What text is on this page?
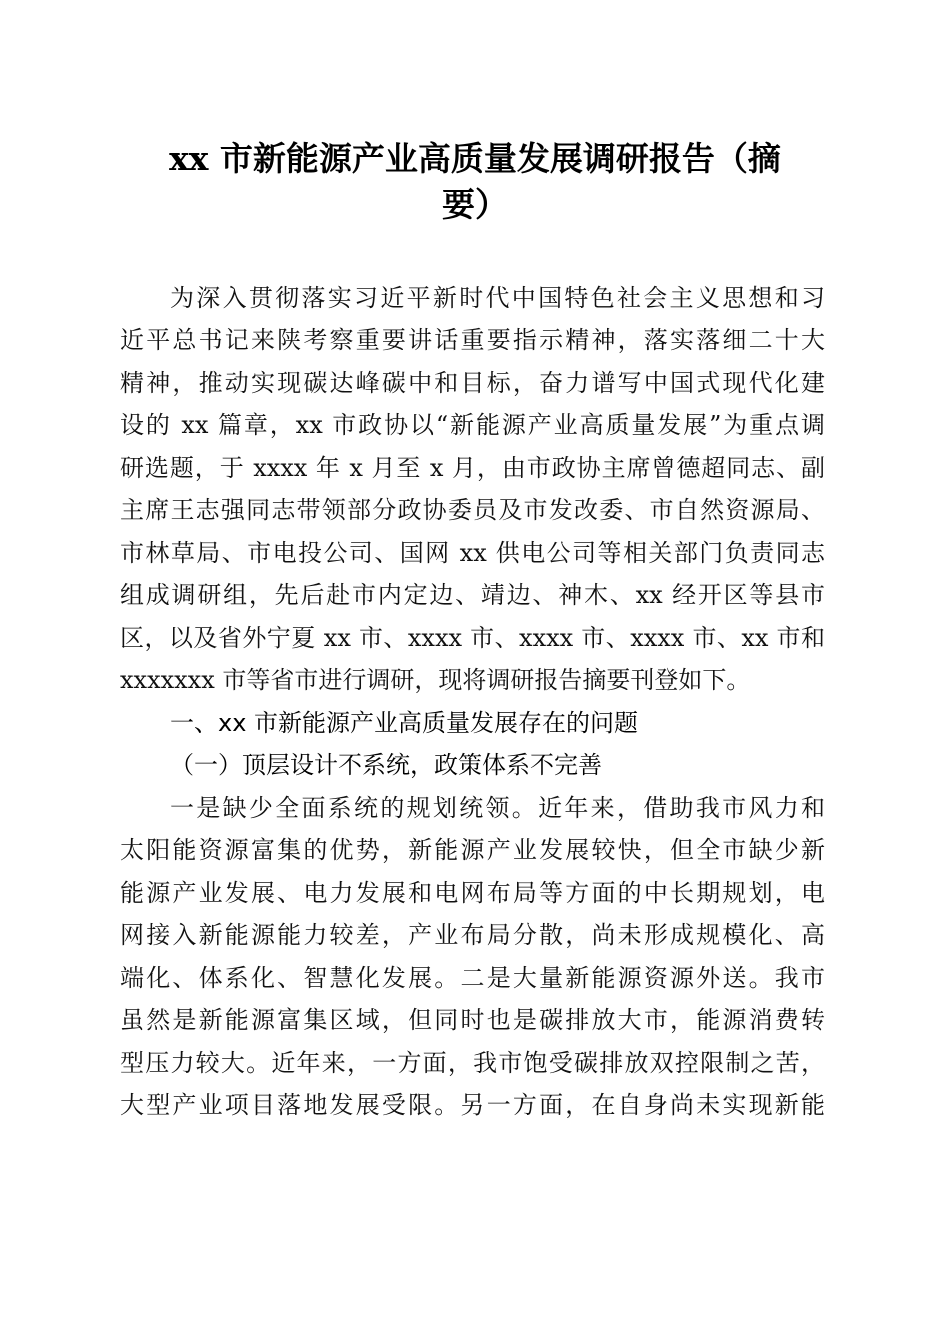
xx 市新能源产业高质量发展调研报告（摘
要）

为深入贯彻落实习近平新时代中国特色社会主义思想和习

近平总书记来陕考察重要讲话重要指示精神，落实落细二十大

精神，推动实现碳达峰碳中和目标，奋力谱写中国式现代化建

设的 xx 篇章，xx 市政协以“新能源产业高质量发展”为重点调

研选题，于 xxxx 年 x 月至 x 月，由市政协主席曾德超同志、副

主席王志强同志带领部分政协委员及市发改委、市自然资源局、

市林草局、市电投公司、国网 xx 供电公司等相关部门负责同志

组成调研组，先后赴市内定边、靖边、神木、xx 经开区等县市

区，以及省外宁夏 xx 市、xxxx 市、xxxx 市、xxxx 市、xx 市和

xxxxxxx 市等省市进行调研，现将调研报告摘要刊登如下。

一、xx 市新能源产业高质量发展存在的问题
（一）顶层设计不系统，政策体系不完善

一是缺少全面系统的规划统领。近年来，借助我市风力和

太阳能资源富集的优势，新能源产业发展较快，但全市缺少新

能源产业发展、电力发展和电网布局等方面的中长期规划，电

网接入新能源能力较差，产业布局分散，尚未形成规模化、高

端化、体系化、智慧化发展。二是大量新能源资源外送。我市

虽然是新能源富集区域，但同时也是碳排放大市，能源消费转

型压力较大。近年来，一方面，我市饱受碳排放双控限制之苦，

大型产业项目落地发展受限。另一方面，在自身尚未实现新能
